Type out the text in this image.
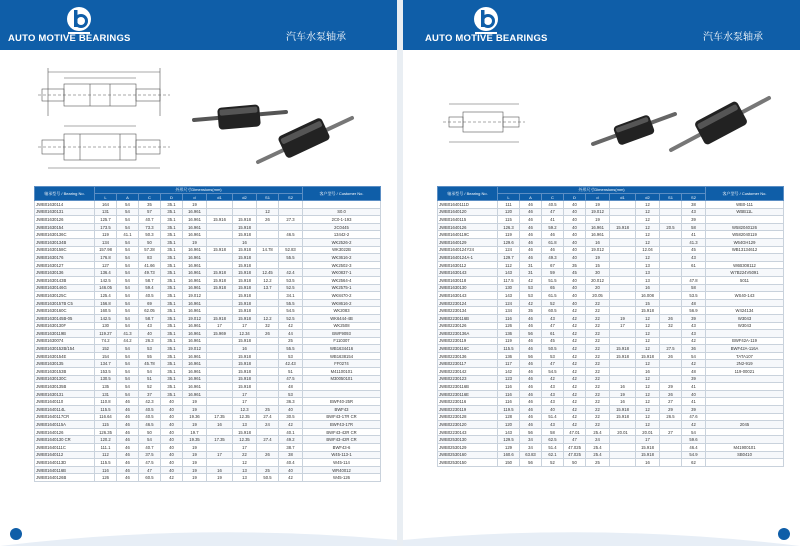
AUTO MOTIVE BEARINGS	汽车水泵轴承
轴承型号 / Bearing No.	外形尺寸Dimensions(mm)									客户型号 / Customer No.
	L	A	C	D	d	d1	d2	S1	S2	
JWB01630114	164	54	35	35.1	19					
JWB01630131	131	54	57	35.1	16.961			12		S0.0
JWB01630126	125.7	54	40.7	35.1	16.961	15.916	15.918	26	27.3	2C0-1-193
JWB01630154	173.5	54	73.3	35.1	16.961		15.918			2C0445
JWB01630136C	119	41.1	50.3	35.1	16.961		15.918		46.5	13442-2
JWB01630134B	134	54	50	35.1	19		16			WK2526-2
JWB01630158C	157.98	54	57.28	35.1	16.961	15.918	15.918	14.78	52.83	WK3022B
JWB01630176	176.8	54	83	35.1	16.961		15.918		55.5	WK3616-2
JWB01630127	127	54	41.66	35.1	16.961		15.918			WK2502-3
JWB01630136	136.4	54	49.73	35.1	16.961	15.918	15.918	12.45	42.4	WK0837-1
JWB01630143B	142.5	54	58.7	35.1	16.961	15.918	15.918	12.2	53.5	WK2564-4
JWB01630146G	146.05	54	59.4	35.1	16.961	15.918	15.918	13.7	52.5	WK2575-1
JWB01630125C	125.4	54	40.5	35.1	19.012		15.918		34.1	WK8470-2
JWB01630157B C5	156.8	54	69	35.1	16.961		15.918		55.5	WK8616-2
JWB01630160C	160.5	54	62.05	35.1	16.961		15.918		54.5	WK2083
JWB01630145B-05	142.5	54	58.7	35.1	19.012	15.918	15.918	12.2	52.5	WK6444-4B
JWB01630130F	130	54	43	35.1	16.961	17	17	32	42	WK2508
JWB01630119B	119.27	41.3	40	35.1	16.961	15.969	12.34	26	44	BWF9093
JWB01630074	74.2	44.2	26.3	35.1	16.961		15.918		25	F110307
JWB01630152B/154	152	54	53	35.1	19.012		16		55.5	WB1634416
JWB01630154E	154	54	55	35.1	16.961		15.918		53	WB1638154
JWB01630135	134.7	54	45.78	35.1	16.961		15.918		42.43	FF0274
JWB01630153B	153.5	54	54	35.1	16.961		15.918		51	M41100101
JWB01630130C	130.5	54	51	35.1	16.961		15.918		47.5	M30050101
JWB01630135B	135	54	52	35.1	16.961		15.918		48	
JWB01630131	131	54	37	35.1	16.961		17		53	
JWB01640110	110.8	46	42.3	40	19		17		36.3	BWF40-25R
JWB01640114L	115.5	46	40.5	40	19		12.3	25	40	BWF43
JWB01640117CR	116.64	46	40.5	40	19.36	17.35	12.35	27.4	30.5	BWF43-17R CR
JWB01640115A	115	46	46.5	40	19	16	13	24	42	BWF43-17R
JWB01640126	126.35	46	50	40	19.7		15.918		40.1	BWF43-42R CR
JWB01640130 CR	120.2	46	54	40	19.35	17.35	12.35	27.4	49.2	BWF43-42R CR
JWB01640111C	111.1	46	40.7	40	19		17		38.7	BWF43-6
JWB01640112	112	46	37.5	40	19	17	22	26	38	W45-113-1
JWB01640113D	115.5	46	47.5	40	19		12		40.4	W45-114
JWB01640116B	116	46	47	40	19	16	13	25	40	WR40012
JWB01640126B	126	46	60.5	42	19	19	13	50.5	42	W45-126
AUTO MOTIVE BEARINGS	汽车水泵轴承
轴承型号 / Bearing No.	外形尺寸Dimensions(mm)									客户型号 / Customer No.
	L	A	C	D	d	d1	d2	S1	S2	
JWB01640111D	111	46	40.5	40	19		12		38	WB0-111
JWB01640120	120	46	47	40	19.012		12		43	WBB11L
JWB01640115	115	46	41	40	19		12		39	
JWB01640126	126.3	46	59.2	40	16.961	15.918	12	20.5	58	W582040126
JWB01640119C	119	46	46	40	16.961		12		41	W582040119
JWB01640129	129.6	46	61.8	40	16		12		41.3	W64GH129
JWB01640124Y24	124	46	46	40	19.012		12.04		45	WB13134612
JWB01640124A-1	129.7	46	49.3	40	19		12		43	
JWB01630112	112	31	67	35	15		13		61	W6B308112
JWB01630143	143	31	59	45	30		13			W7B224V5091
JWB01630118	117.5	42	51.5	40	20.012		13		47.8	5011
JWB01630130	130	53	65	40	20		16		58	
JWB01630143	143	53	61.5	40	20.05		16.008		53.5	WS40-143
JWB02230124	124	42	52	40	22		15		48	
JWB02230134	134	35	60.5	42	22		15.918		56.9	W424134
JWB02230116B	116	46	43	42	22	19	12	26	39	W3043
JWB02230126	126	46	47	42	22	17	12	32	43	W3043
JWB02230136A	136	56	61	42	22		12		43	
JWB02230119	119	46	45	42	22		12		42	BWF42A-119
JWB02230116C	115.5	46	50.5	42	22	15.918	12	27.5	36	BWF42A-116A
JWB02230136	136	56	53	42	22	15.918	15.918	26	54	TATA107
JWB02230117	117	46	47	42	22		12		42	2N2-919
JWB02230142	142	46	54.5	42	22		16		48	119-00021
JWB02230123	123	46	42	42	22		12		39	
JWB02230116B	116	46	43	42	22	16	12	29	41	
JWB02230116E	116	46	43	42	22	19	12	26	40	
JWB02230116	116	46	43	42	22	16	12	27	41	
JWB02230119	119.5	46	40	42	22	15.918	12	29	39	
JWB02230128	128	46	51.4	42	22	15.918	12	26.5	47.6	
JWB02230120	120	46	43	42	22		12		42	2045
JWB02230143	143	56	58	47.01	25.4	20.01	20.01	27	54	
JWB02530130	129.5	34	62.5	47	24		17		59.6	
JWB02530129	129	34	51.4	47.025	25.4		15.918		46.4	M41900101
JWB02530160	160.6	63.83	62.1	47.025	25.4		15.918		54.9	SB0410
JWB02530150	150	56	52	50	25		16		62	
